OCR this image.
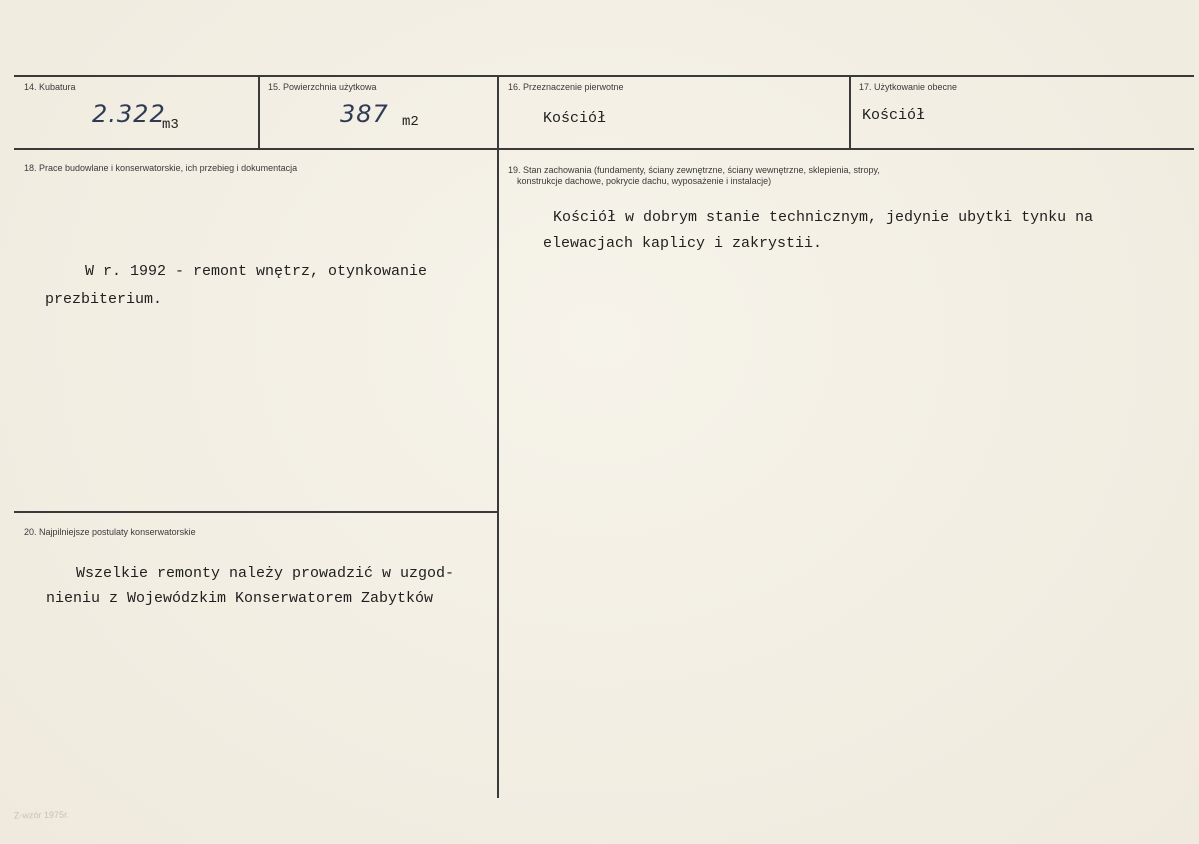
14. Kubatura
2.322
m3
15. Powierzchnia użytkowa
387 m2
16. Przeznaczenie pierwotne
Kościół
17. Użytkowanie obecne
Kościół
18. Prace budowlane i konserwatorskie, ich przebieg i dokumentacja
W r. 1992 - remont wnętrz, otynkowanie
prezbiterium.
19. Stan zachowania (fundamenty, ściany zewnętrzne, ściany wewnętrzne, sklepienia, stropy,
konstrukcje dachowe, pokrycie dachu, wyposażenie i instalacje)
Kościół w dobrym stanie technicznym, jedynie ubytki tynku na
elewacjach kaplicy i zakrystii.
20. Najpilniejsze postulaty konserwatorskie
Wszelkie remonty należy prowadzić w uzgod-
nieniu z Wojewódzkim Konserwatorem Zabytków
Z-wzór 1975r.
